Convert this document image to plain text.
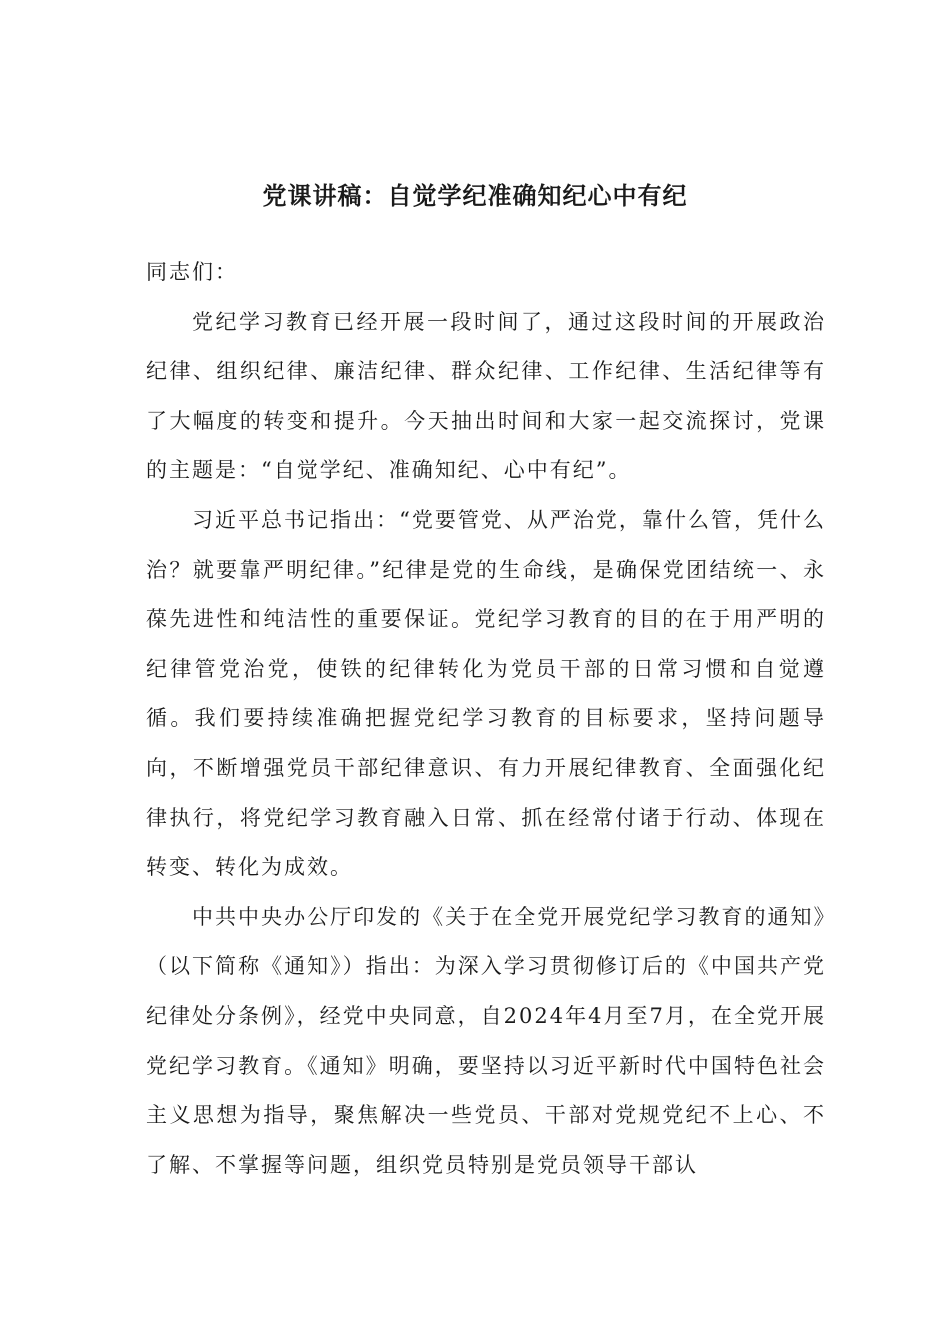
党课讲稿：自觉学纪准确知纪心中有纪

同志们：

党纪学习教育已经开展一段时间了，通过这段时间的开展政治纪律、组织纪律、廉洁纪律、群众纪律、工作纪律、生活纪律等有了大幅度的转变和提升。今天抽出时间和大家一起交流探讨，党课的主题是：“自觉学纪、准确知纪、心中有纪”。

习近平总书记指出：“党要管党、从严治党，靠什么管，凭什么治？就要靠严明纪律。”纪律是党的生命线，是确保党团结统一、永葆先进性和纯洁性的重要保证。党纪学习教育的目的在于用严明的纪律管党治党，使铁的纪律转化为党员干部的日常习惯和自觉遵循。我们要持续准确把握党纪学习教育的目标要求，坚持问题导向，不断增强党员干部纪律意识、有力开展纪律教育、全面强化纪律执行，将党纪学习教育融入日常、抓在经常付诸于行动、体现在转变、转化为成效。

中共中央办公厅印发的《关于在全党开展党纪学习教育的通知》（以下简称《通知》）指出：为深入学习贯彻修订后的《中国共产党纪律处分条例》，经党中央同意，自2024年4月至7月，在全党开展党纪学习教育。《通知》明确，要坚持以习近平新时代中国特色社会主义思想为指导，聚焦解决一些党员、干部对党规党纪不上心、不了解、不掌握等问题，组织党员特别是党员领导干部认
